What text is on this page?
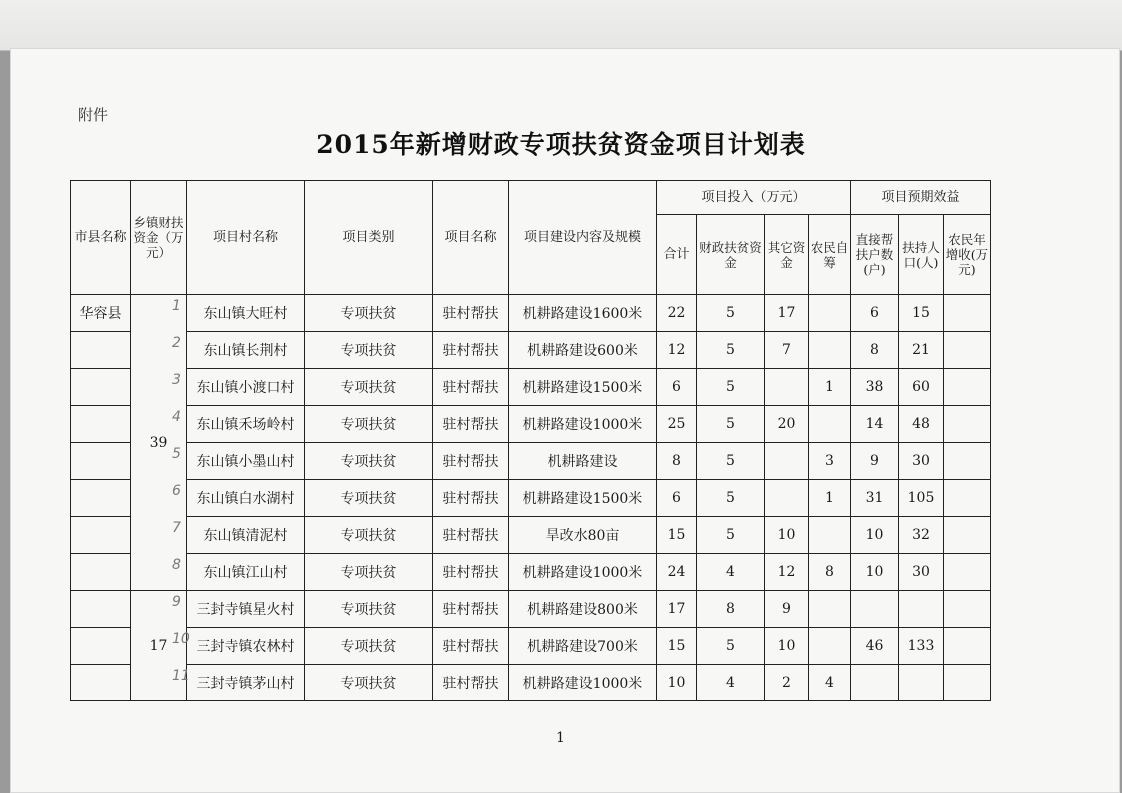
附件
2015年新增财政专项扶贫资金项目计划表
市县名称	乡镇财扶资金（万元）	项目村名称	项目类别	项目名称	项目建设内容及规模	项目投入（万元）				项目预期效益		
						合计	财政扶贫资金	其它资金	农民自筹	直接帮扶户数(户)	扶持人口(人)	农民年增收(万元)
华容县	39	东山镇大旺村	专项扶贫	驻村帮扶	机耕路建设1600米	22	5	17		6	15	
		东山镇长荆村	专项扶贫	驻村帮扶	机耕路建设600米	12	5	7		8	21	
		东山镇小渡口村	专项扶贫	驻村帮扶	机耕路建设1500米	6	5		1	38	60	
		东山镇禾场岭村	专项扶贫	驻村帮扶	机耕路建设1000米	25	5	20		14	48	
		东山镇小墨山村	专项扶贫	驻村帮扶	机耕路建设	8	5		3	9	30	
		东山镇白水湖村	专项扶贫	驻村帮扶	机耕路建设1500米	6	5		1	31	105	
		东山镇清泥村	专项扶贫	驻村帮扶	旱改水80亩	15	5	10		10	32	
		东山镇江山村	专项扶贫	驻村帮扶	机耕路建设1000米	24	4	12	8	10	30	
	17	三封寺镇星火村	专项扶贫	驻村帮扶	机耕路建设800米	17	8	9				
		三封寺镇农林村	专项扶贫	驻村帮扶	机耕路建设700米	15	5	10		46	133	
		三封寺镇茅山村	专项扶贫	驻村帮扶	机耕路建设1000米	10	4	2	4			
1
1
2
3
4
5
6
7
8
9
10
11
